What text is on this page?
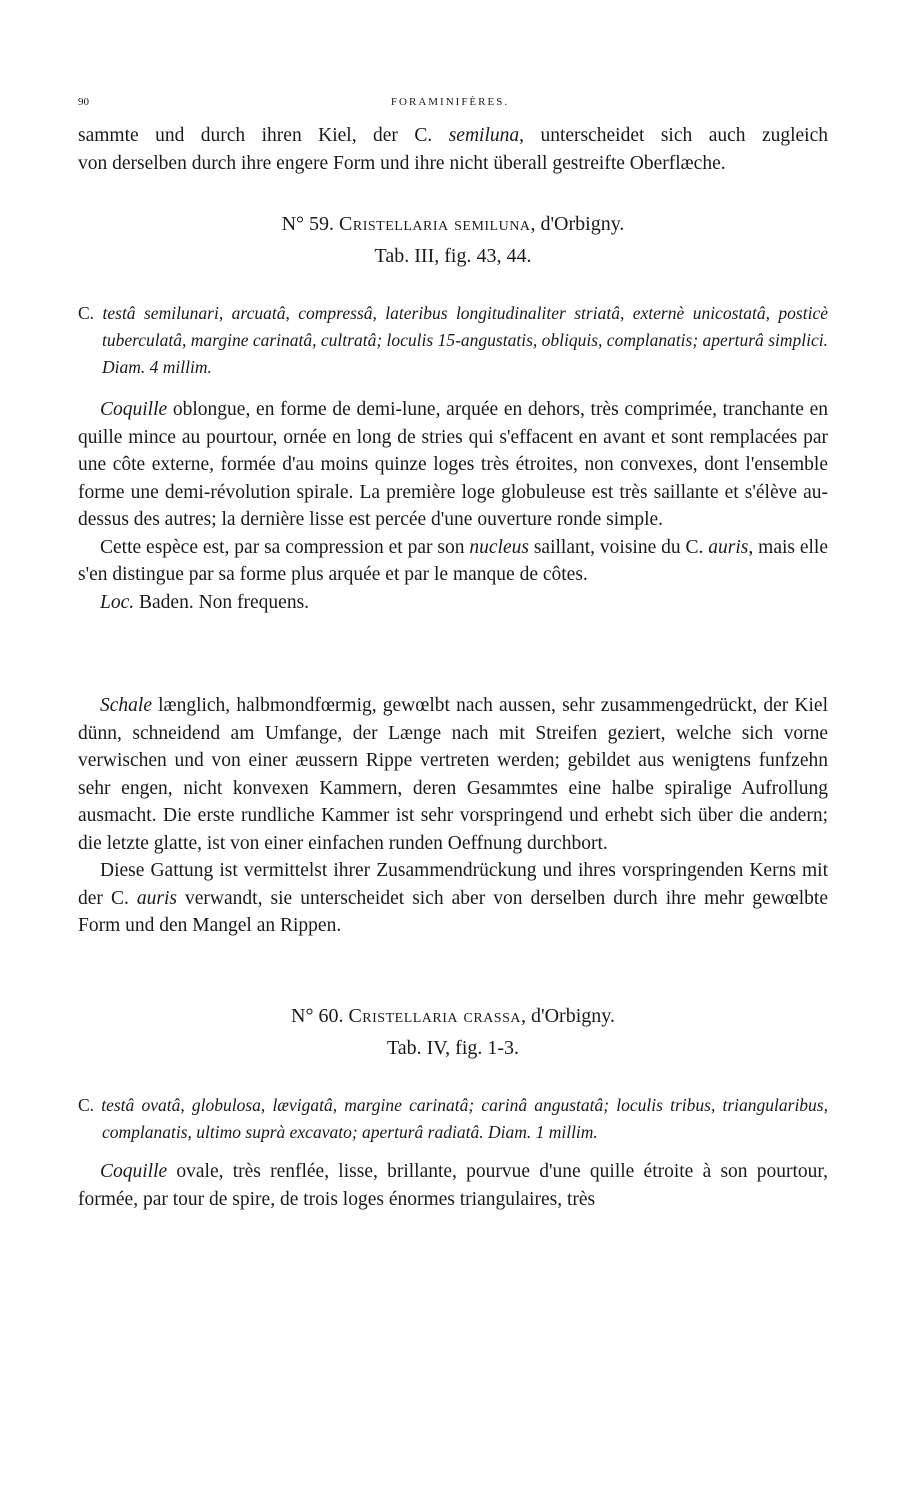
90	FORAMINIFÈRES.

sammte und durch ihren Kiel, der C. semiluna, unterscheidet sich auch zugleich

von derselben durch ihre engere Form und ihre nicht überall gestreifte Oberflæche.

N° 59. Cristellaria semiluna, d'Orbigny.

Tab. III, fig. 43, 44.

C. testâ semilunari, arcuatâ, compressâ, lateribus longitudinaliter striatâ, externè unicostatâ, posticè tuberculatâ, margine carinatâ, cultratâ; loculis 15-angustatis, obliquis, complanatis; aperturâ simplici. Diam. 4 millim.

Coquille oblongue, en forme de demi-lune, arquée en dehors, très comprimée, tranchante en quille mince au pourtour, ornée en long de stries qui s'effacent en avant et sont remplacées par une côte externe, formée d'au moins quinze loges très étroites, non convexes, dont l'ensemble forme une demi-révolution spirale. La première loge globuleuse est très saillante et s'élève au-dessus des autres; la dernière lisse est percée d'une ouverture ronde simple.

Cette espèce est, par sa compression et par son nucleus saillant, voisine du C. auris, mais elle s'en distingue par sa forme plus arquée et par le manque de côtes.

Loc. Baden. Non frequens.

Schale længlich, halbmondfœrmig, gewœlbt nach aussen, sehr zusammengedrückt, der Kiel dünn, schneidend am Umfange, der Længe nach mit Streifen geziert, welche sich vorne verwischen und von einer æussern Rippe vertreten werden; gebildet aus wenigtens funfzehn sehr engen, nicht konvexen Kammern, deren Gesammtes eine halbe spiralige Aufrollung ausmacht. Die erste rundliche Kammer ist sehr vorspringend und erhebt sich über die andern; die letzte glatte, ist von einer einfachen runden Oeffnung durchbort.

Diese Gattung ist vermittelst ihrer Zusammendrückung und ihres vorspringenden Kerns mit der C. auris verwandt, sie unterscheidet sich aber von derselben durch ihre mehr gewœlbte Form und den Mangel an Rippen.

N° 60. Cristellaria crassa, d'Orbigny.

Tab. IV, fig. 1-3.

C. testâ ovatâ, globulosa, lævigatâ, margine carinatâ; carinâ angustatâ; loculis tribus, triangularibus, complanatis, ultimo suprà excavato; aperturâ radiatâ. Diam. 1 millim.

Coquille ovale, très renflée, lisse, brillante, pourvue d'une quille étroite à son pourtour, formée, par tour de spire, de trois loges énormes triangulaires, très
